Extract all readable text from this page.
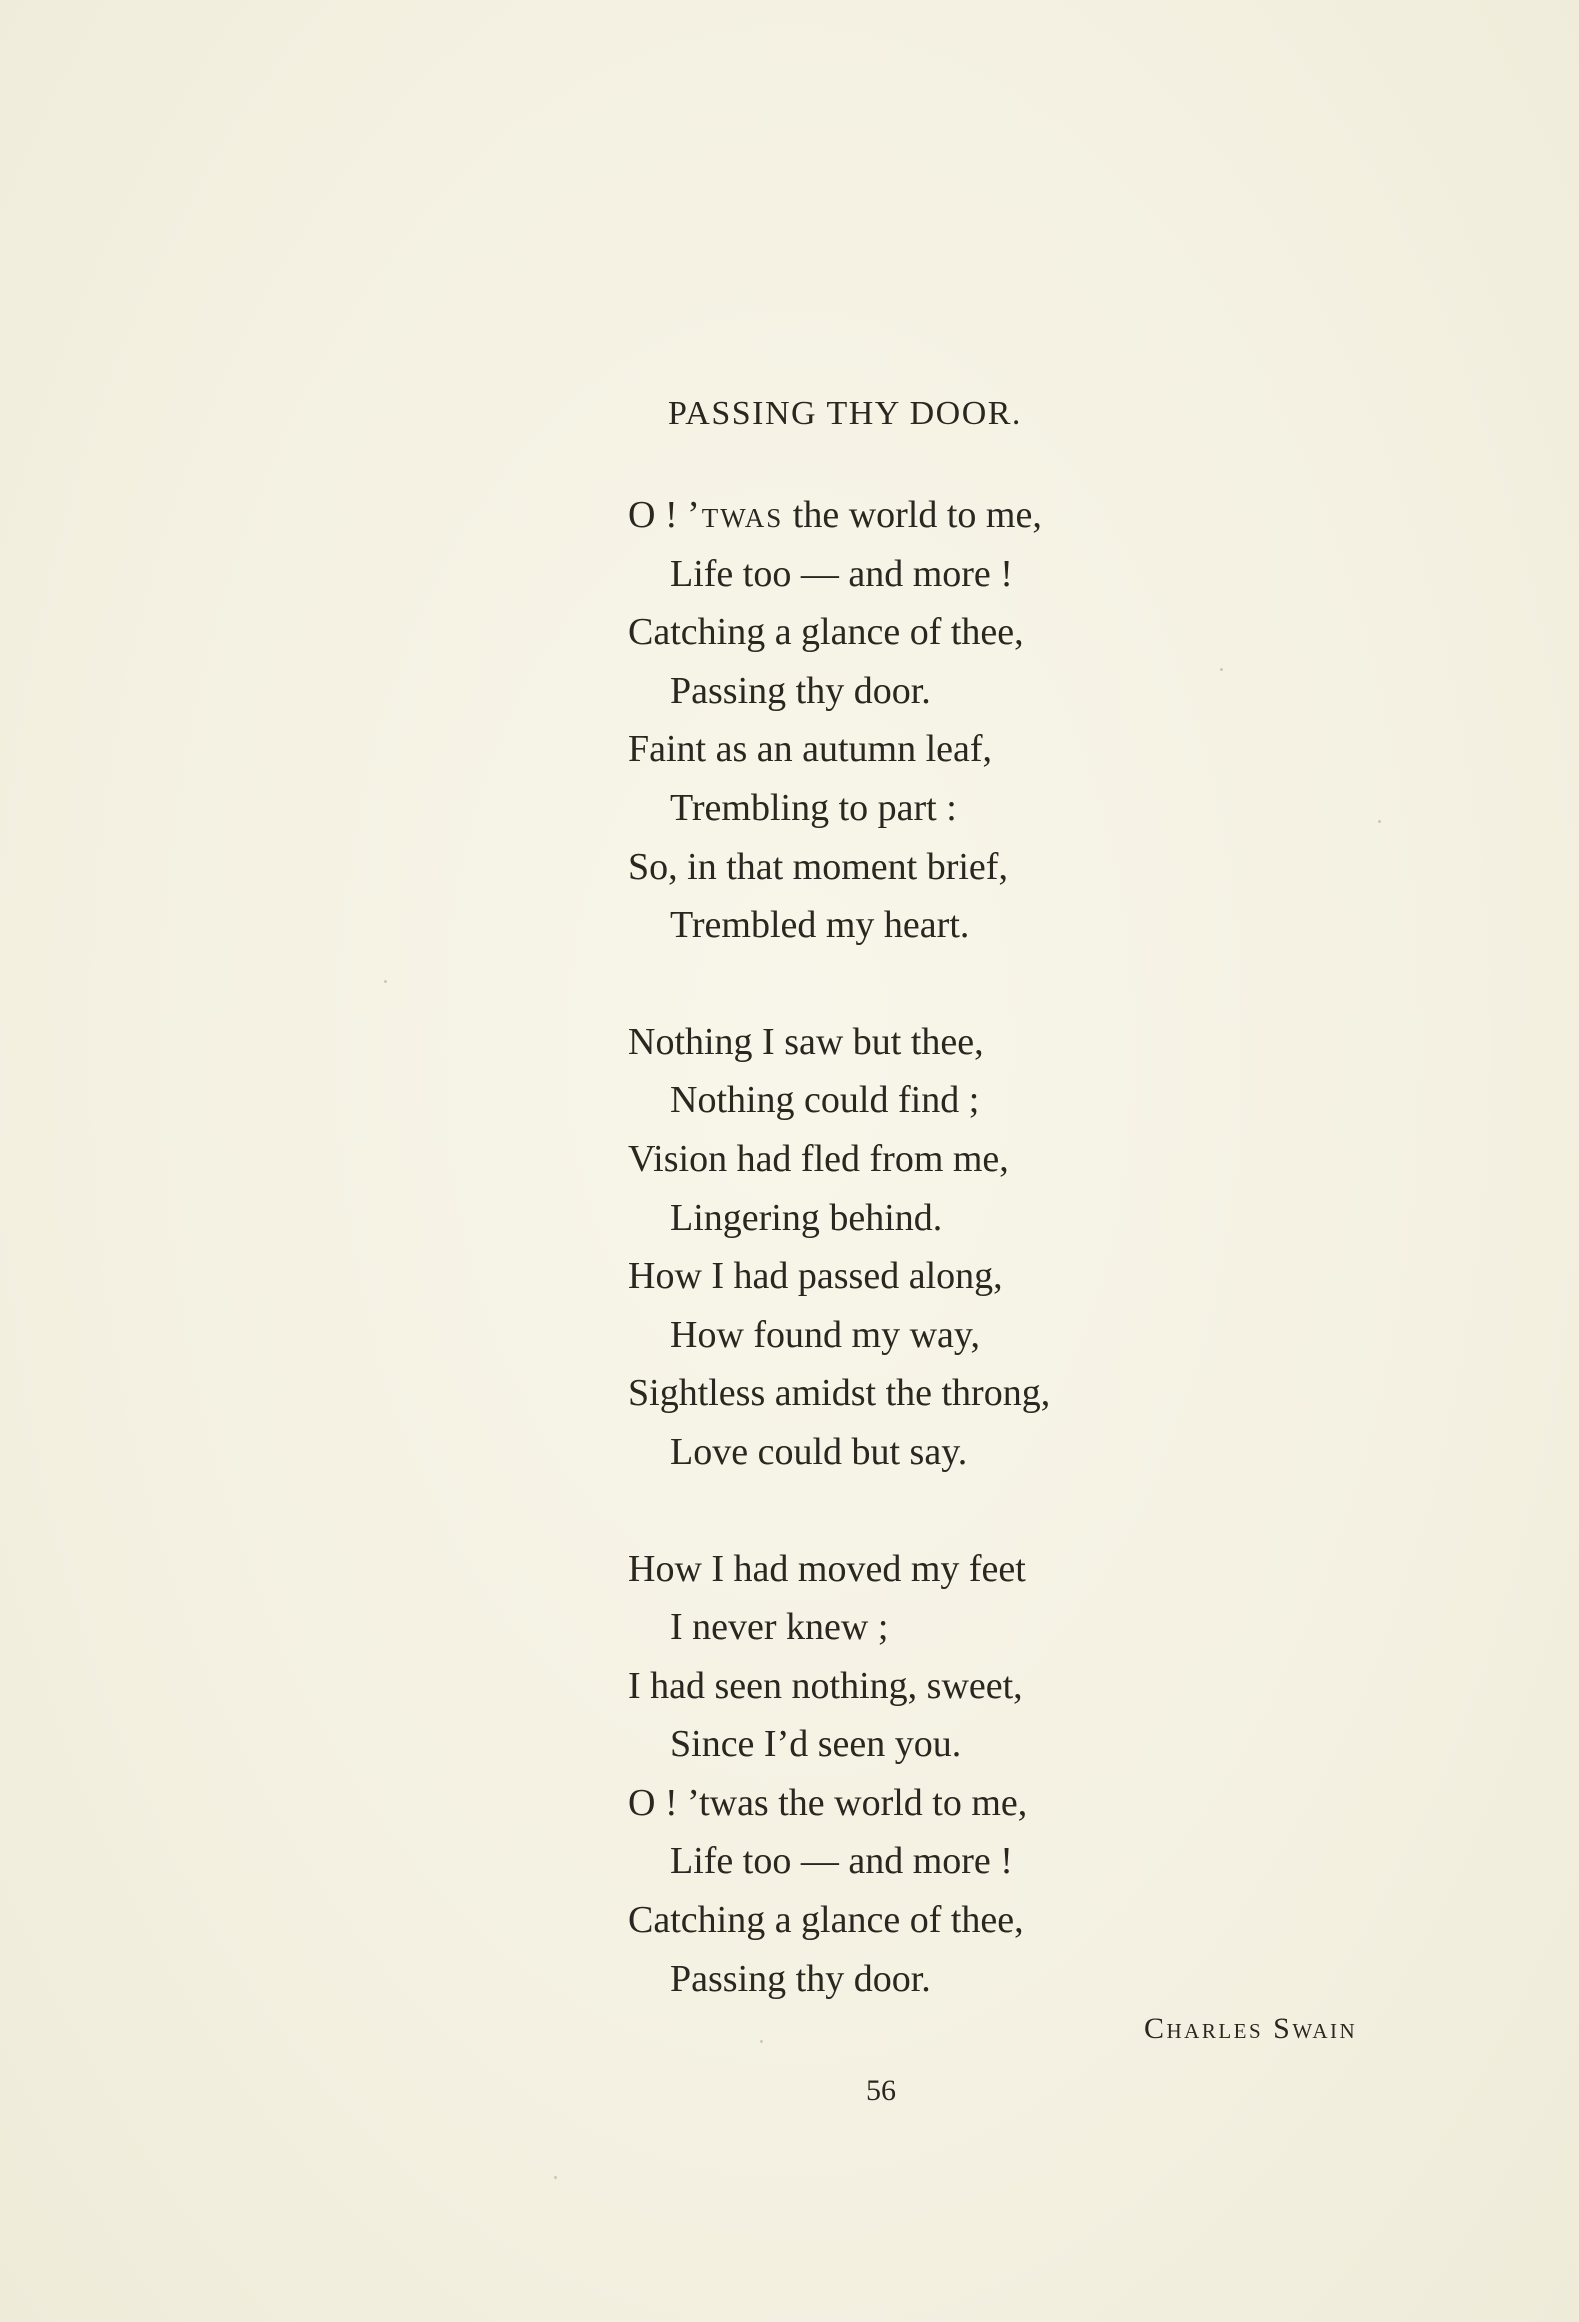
PASSING THY DOOR.
O ! ’twas the world to me,
Life too — and more !
Catching a glance of thee,
Passing thy door.
Faint as an autumn leaf,
Trembling to part :
So, in that moment brief,
Trembled my heart.
Nothing I saw but thee,
Nothing could find ;
Vision had fled from me,
Lingering behind.
How I had passed along,
How found my way,
Sightless amidst the throng,
Love could but say.
How I had moved my feet
I never knew ;
I had seen nothing, sweet,
Since I’d seen you.
O ! ’twas the world to me,
Life too — and more !
Catching a glance of thee,
Passing thy door.
Charles Swain
56
